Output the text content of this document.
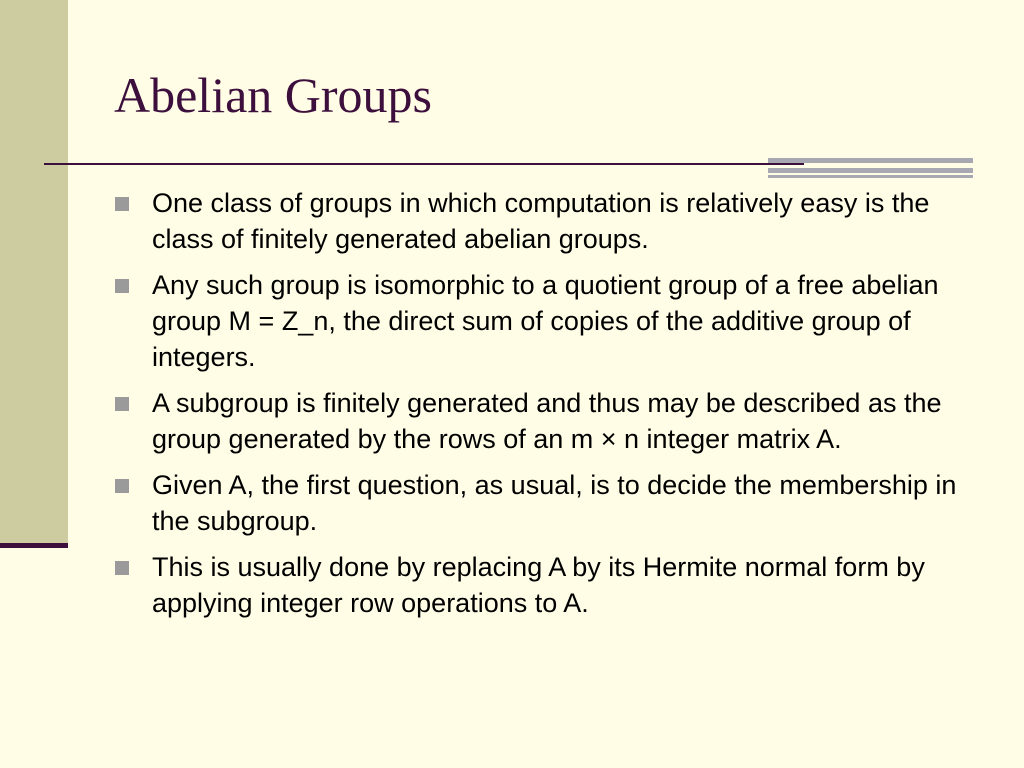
Abelian Groups
One class of groups in which computation is relatively easy is the class of finitely generated abelian groups.
Any such group is isomorphic to a quotient group of a free abelian group M = Z_n, the direct sum of copies of the additive group of integers.
A subgroup is finitely generated and thus may be described as the group generated by the rows of an m × n integer matrix A.
Given A, the first question, as usual, is to decide the membership in the subgroup.
This is usually done by replacing A by its Hermite normal form by applying integer row operations to A.
